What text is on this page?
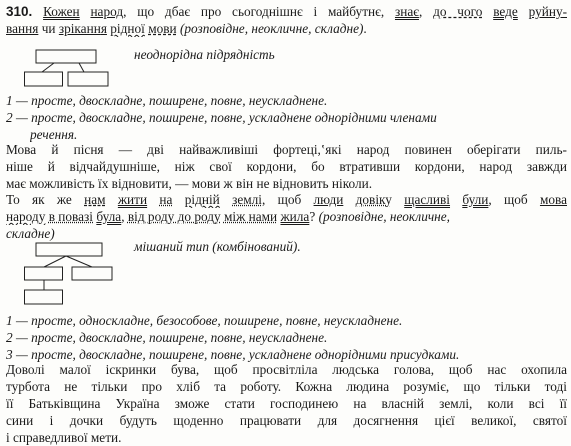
310. Кожен народ, що дбає про сьогоднішнє і майбутнє, знає, до чого веде руйну-
вання чи зрікання рідної мови (розповідне, неокличне, складне).
неоднорідна підрядність
1 — проcте, двоскладне, поширене, повне, неускладнене.
2 — просте, двоскладне, поширене, повне, ускладнене однорідними членами
речення.
Мова й пісня — дві найважливіші фортеці,‛які народ повинен оберігати пиль-
ніше й відчайдушніше, ніж свої кордони, бо втративши кордони, народ завжди
має можливість їх відновити, — мови ж він не відновить ніколи.
То як же нам жити на рідній землі, щоб люди довіку щасливі були, щоб мова
народу в повазі була, від роду до роду між нами жила? (розповідне, неокличне,
складне)
мішаний тип (комбінований).
1 — просте, односкладне, безособове, поширене, повне, неускладнене.
2 — просте, двоскладне, поширене, повне, неускладнене.
3 — просте, двоскладне, поширене, повне, ускладнене однорідними присудками.
Доволі малої іскринки бува, щоб просвітліла людська голова, щоб нас охопила
турбота не тільки про хліб та роботу. Кожна людина розуміє, що тільки тоді
її Батьківщина Україна зможе стати господинею на власній землі, коли всі її
сини і дочки будуть щоденно працювати для досягнення цієї великої, святої
і справедливої мети.
